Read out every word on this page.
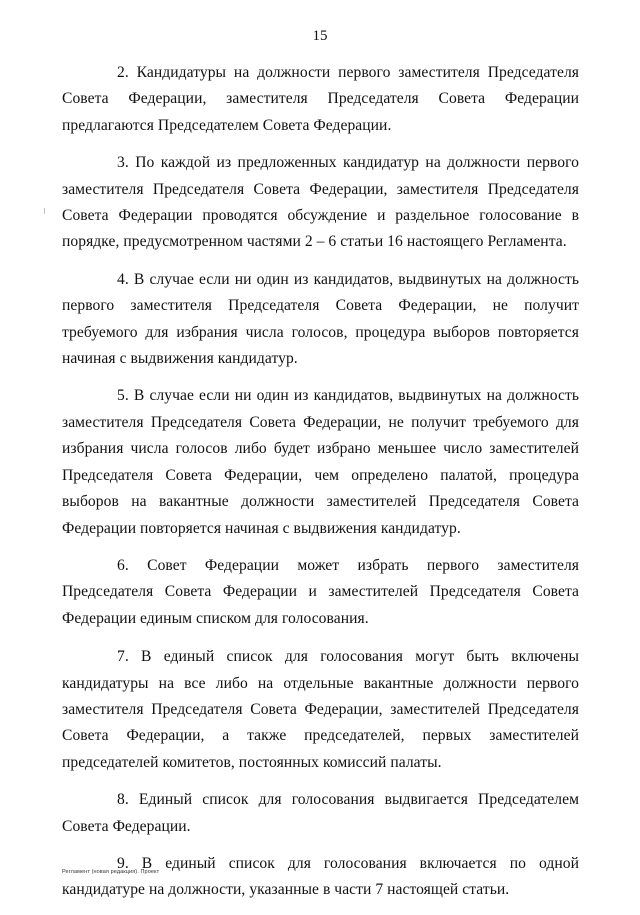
15

2. Кандидатуры на должности первого заместителя Председателя Совета Федерации, заместителя Председателя Совета Федерации предлагаются Председателем Совета Федерации.

3. По каждой из предложенных кандидатур на должности первого заместителя Председателя Совета Федерации, заместителя Председателя Совета Федерации проводятся обсуждение и раздельное голосование в порядке, предусмотренном частями 2 – 6 статьи 16 настоящего Регламента.

4. В случае если ни один из кандидатов, выдвинутых на должность первого заместителя Председателя Совета Федерации, не получит требуемого для избрания числа голосов, процедура выборов повторяется начиная с выдвижения кандидатур.

5. В случае если ни один из кандидатов, выдвинутых на должность заместителя Председателя Совета Федерации, не получит требуемого для избрания числа голосов либо будет избрано меньшее число заместителей Председателя Совета Федерации, чем определено палатой, процедура выборов на вакантные должности заместителей Председателя Совета Федерации повторяется начиная с выдвижения кандидатур.

6. Совет Федерации может избрать первого заместителя Председателя Совета Федерации и заместителей Председателя Совета Федерации единым списком для голосования.

7. В единый список для голосования могут быть включены кандидатуры на все либо на отдельные вакантные должности первого заместителя Председателя Совета Федерации, заместителей Председателя Совета Федерации, а также председателей, первых заместителей председателей комитетов, постоянных комиссий палаты.

8. Единый список для голосования выдвигается Председателем Совета Федерации.

9. В единый список для голосования включается по одной кандидатуре на должности, указанные в части 7 настоящей статьи.

Регламент (новая редакция). Проект
